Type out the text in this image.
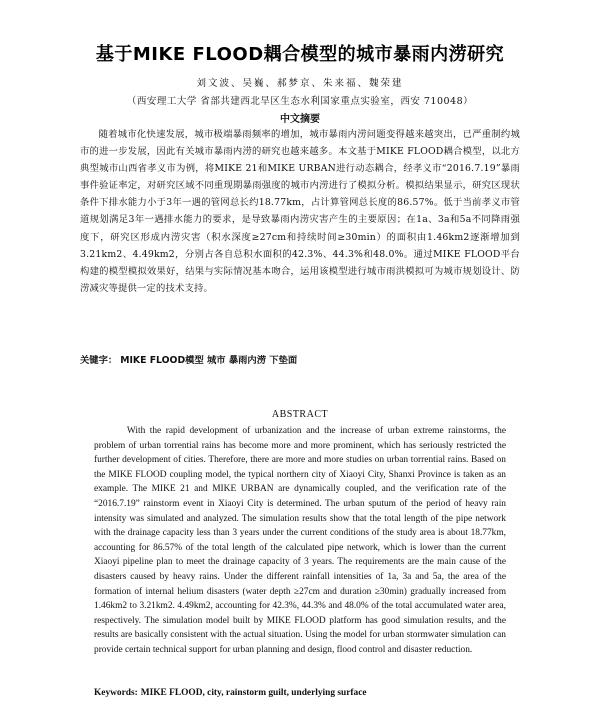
基于MIKE FLOOD耦合模型的城市暴雨内涝研究
刘文波、吴巍、郝梦京、朱来福、魏荣建
（西安理工大学 省部共建西北旱区生态水利国家重点实验室，西安 710048）
中文摘要
随着城市化快速发展，城市极端暴雨频率的增加，城市暴雨内涝问题变得越来越突出，已严重制约城市的进一步发展，因此有关城市暴雨内涝的研究也越来越多。本文基于MIKE FLOOD耦合模型，以北方典型城市山西省孝义市为例，将MIKE 21和MIKE URBAN进行动态耦合，经孝义市“2016.7.19”暴雨事件验证率定，对研究区域不同重现期暴雨强度的城市内涝进行了模拟分析。模拟结果显示，研究区现状条件下排水能力小于3年一遇的管网总长约18.77km，占计算管网总长度的86.57%。低于当前孝义市管道规划满足3年一遇排水能力的要求，是导致暴雨内涝灾害产生的主要原因；在1a、3a和5a不同降雨强度下，研究区形成内涝灾害（积水深度≥27cm和持续时间≥30min）的面积由1.46km2逐渐增加到3.21km2、4.49km2，分别占各自总积水面积的42.3%、44.3%和48.0%。通过MIKE FLOOD平台构建的模型模拟效果好，结果与实际情况基本吻合，运用该模型进行城市雨洪模拟可为城市规划设计、防涝减灾等提供一定的技术支持。
关键字： MIKE FLOOD模型 城市 暴雨内涝 下垫面
ABSTRACT
With the rapid development of urbanization and the increase of urban extreme rainstorms, the problem of urban torrential rains has become more and more prominent, which has seriously restricted the further development of cities. Therefore, there are more and more studies on urban torrential rains. Based on the MIKE FLOOD coupling model, the typical northern city of Xiaoyi City, Shanxi Province is taken as an example. The MIKE 21 and MIKE URBAN are dynamically coupled, and the verification rate of the “2016.7.19” rainstorm event in Xiaoyi City is determined. The urban sputum of the period of heavy rain intensity was simulated and analyzed. The simulation results show that the total length of the pipe network with the drainage capacity less than 3 years under the current conditions of the study area is about 18.77km, accounting for 86.57% of the total length of the calculated pipe network, which is lower than the current Xiaoyi pipeline plan to meet the drainage capacity of 3 years. The requirements are the main cause of the disasters caused by heavy rains. Under the different rainfall intensities of 1a, 3a and 5a, the area of the formation of internal helium disasters (water depth ≥27cm and duration ≥30min) gradually increased from 1.46km2 to 3.21km2. 4.49km2, accounting for 42.3%, 44.3% and 48.0% of the total accumulated water area, respectively. The simulation model built by MIKE FLOOD platform has good simulation results, and the results are basically consistent with the actual situation. Using the model for urban stormwater simulation can provide certain technical support for urban planning and design, flood control and disaster reduction.
Keywords: MIKE FLOOD, city, rainstorm guilt, underlying surface
